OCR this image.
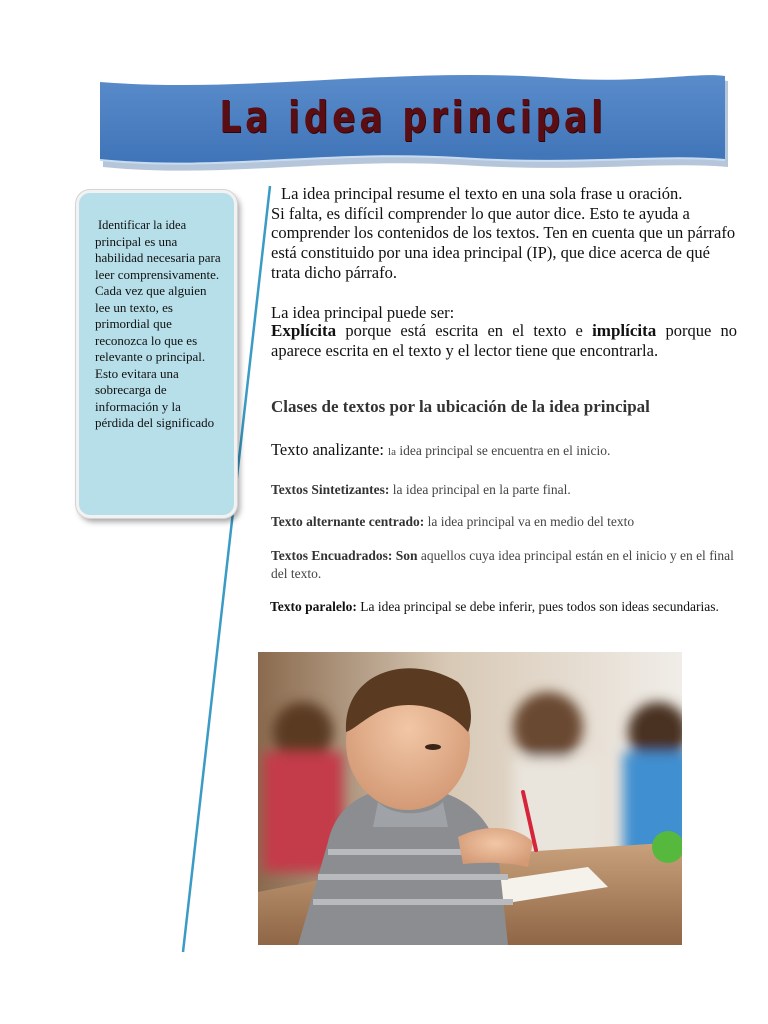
La idea principal
Identificar la idea
principal es una habilidad necesaria para leer comprensivamente. Cada vez que alguien lee un texto, es primordial que reconozca lo que es relevante o principal. Esto evitara una sobrecarga de información y la pérdida del significado
La idea principal resume el texto en una sola frase u oración.
Si falta, es difícil comprender lo que autor dice. Esto te ayuda a comprender los contenidos de los textos. Ten en cuenta que un párrafo está constituido por una idea principal (IP), que dice acerca de qué trata dicho párrafo.
La idea principal puede ser:
Explícita porque está escrita en el texto e implícita porque no aparece escrita en el texto y el lector tiene que encontrarla.
Clases de textos por la ubicación de la idea principal
Texto analizante: la idea principal se encuentra en el inicio.
Textos Sintetizantes: la idea principal en la parte final.
Texto alternante centrado: la idea principal va en medio del texto
Textos Encuadrados: Son aquellos cuya idea principal están en el inicio y en el final del texto.
Texto paralelo: La idea principal se debe inferir, pues todos son ideas secundarias.
